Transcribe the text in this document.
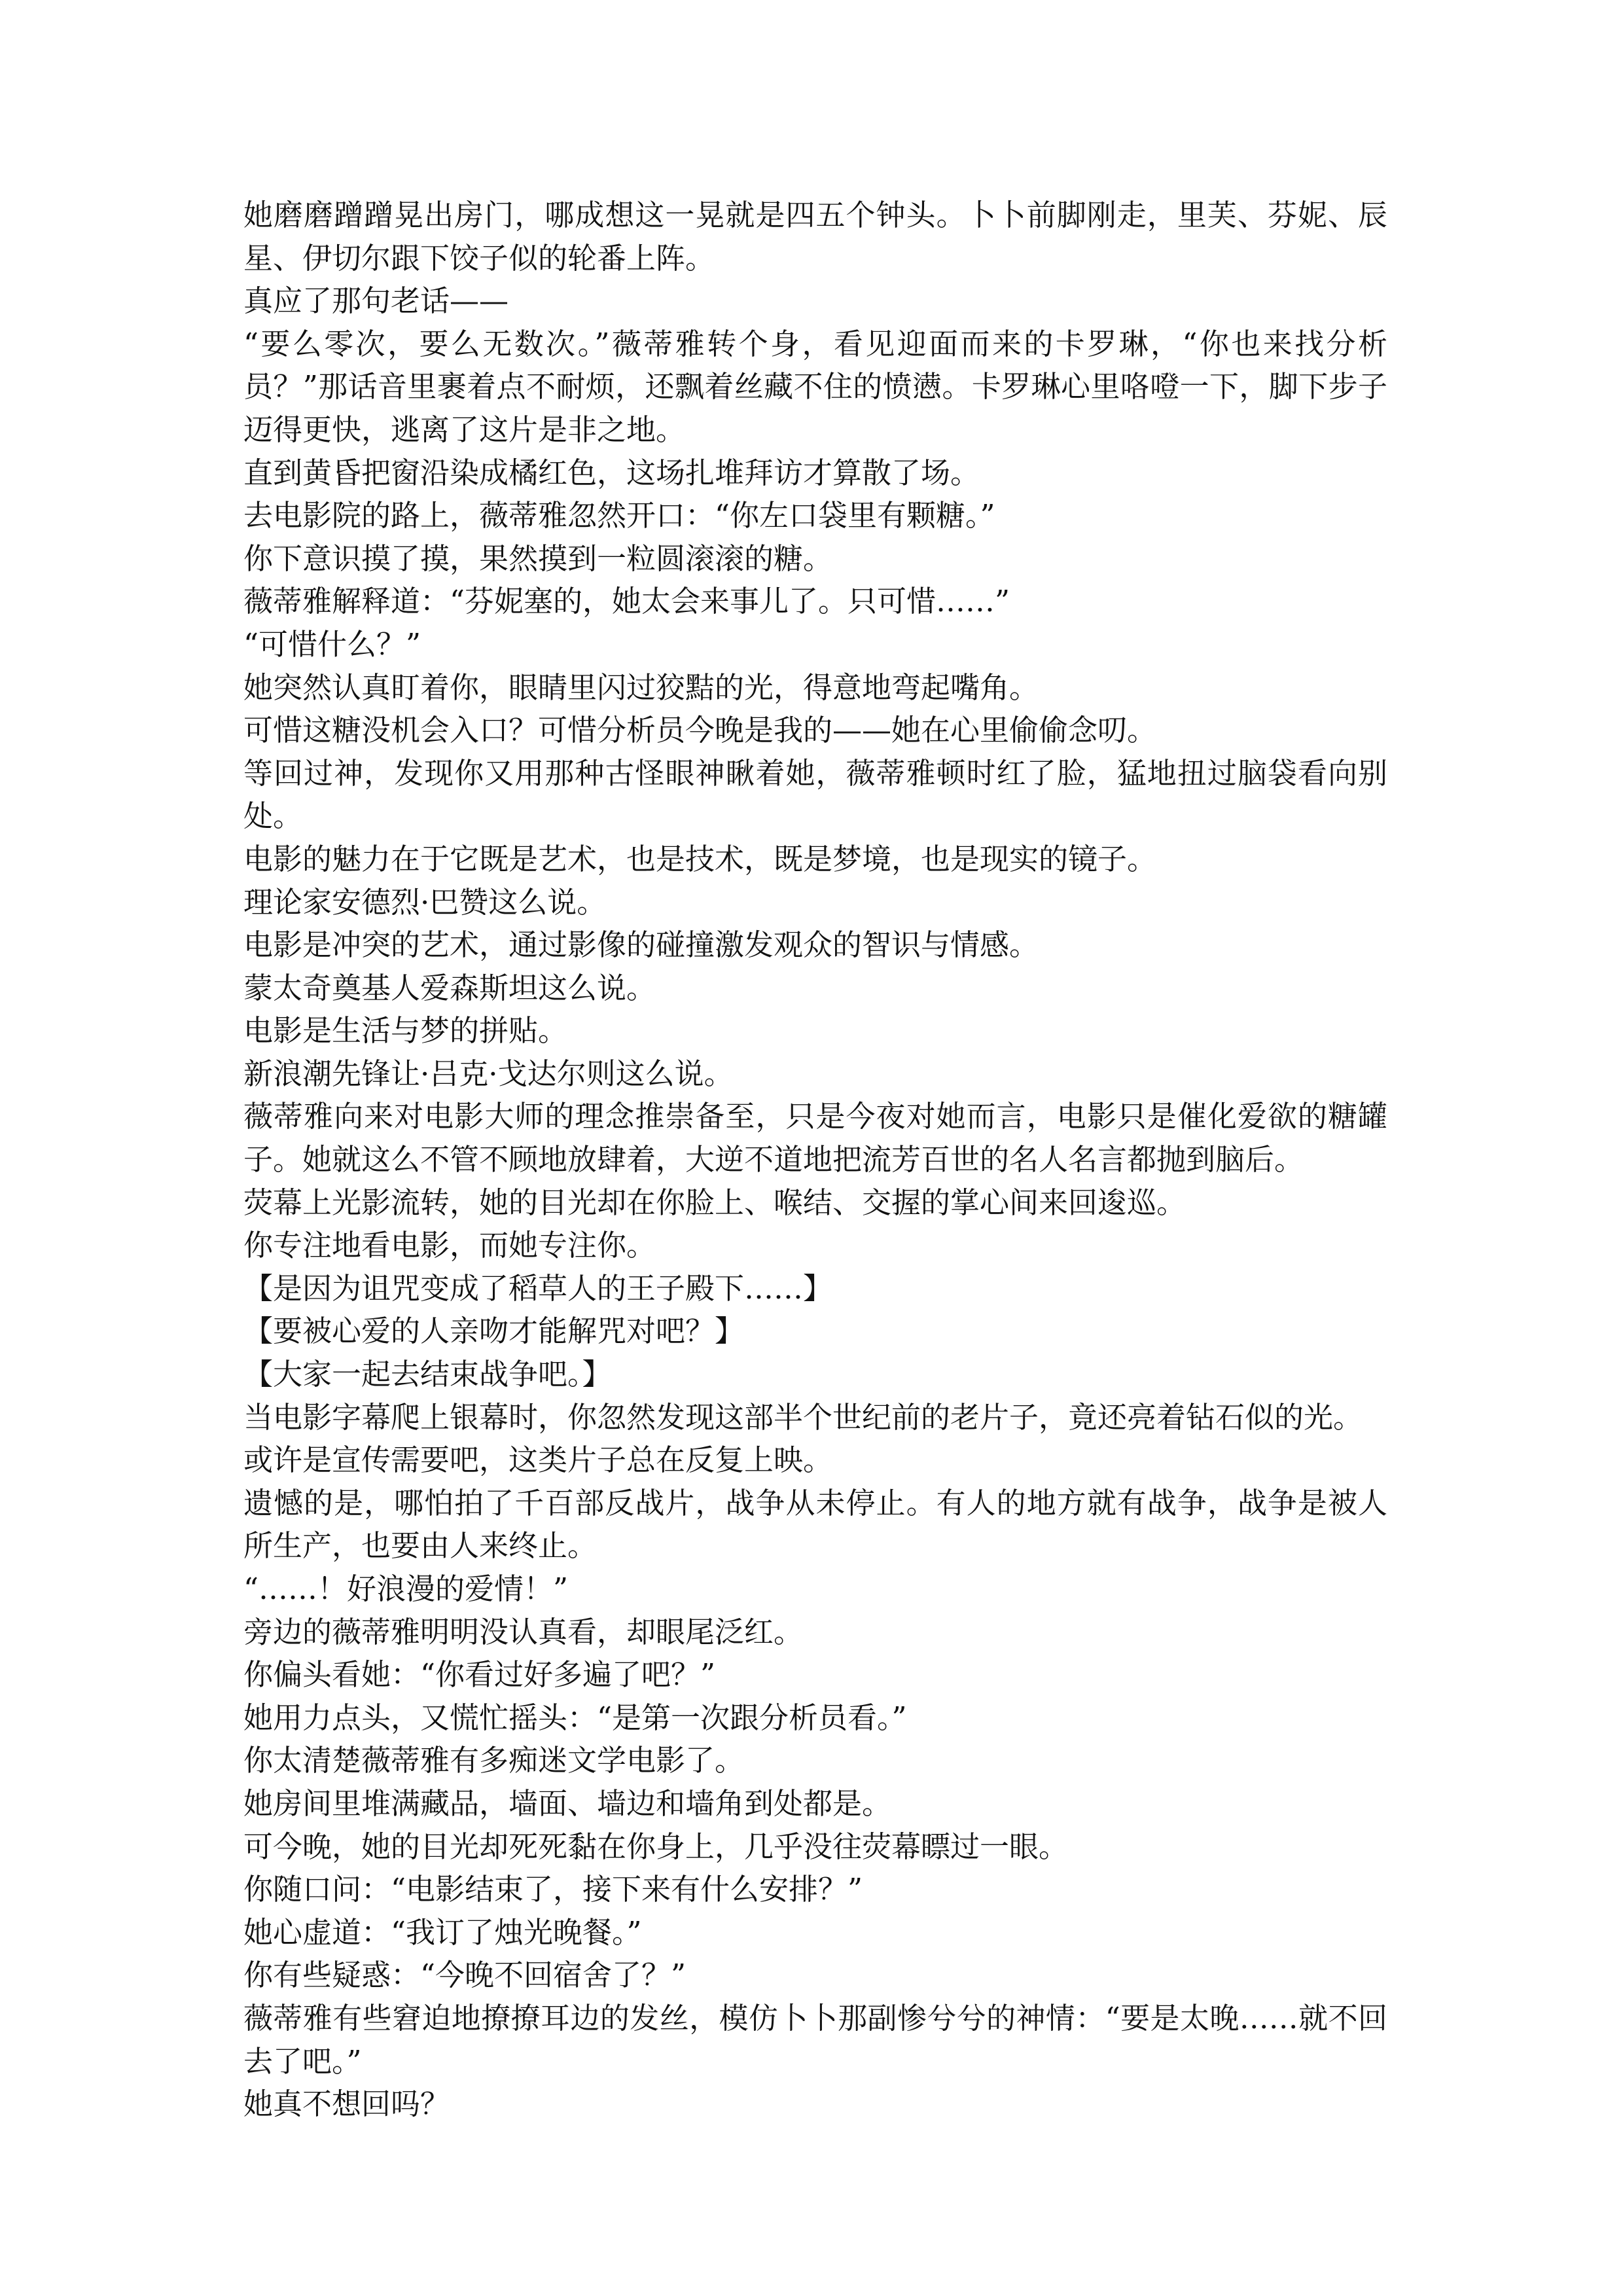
她磨磨蹭蹭晃出房门，哪成想这一晃就是四五个钟头。卜卜前脚刚走，里芙、芬妮、辰星、伊切尔跟下饺子似的轮番上阵。

真应了那句老话——

“要么零次，要么无数次。”薇蒂雅转个身，看见迎面而来的卡罗琳，“你也来找分析员？”那话音里裹着点不耐烦，还飘着丝藏不住的愤懑。卡罗琳心里咯噔一下，脚下步子迈得更快，逃离了这片是非之地。

直到黄昏把窗沿染成橘红色，这场扎堆拜访才算散了场。

去电影院的路上，薇蒂雅忽然开口：“你左口袋里有颗糖。”

你下意识摸了摸，果然摸到一粒圆滚滚的糖。

薇蒂雅解释道：“芬妮塞的，她太会来事儿了。只可惜……”

“可惜什么？”

她突然认真盯着你，眼睛里闪过狡黠的光，得意地弯起嘴角。

可惜这糖没机会入口？可惜分析员今晚是我的——她在心里偷偷念叨。

等回过神，发现你又用那种古怪眼神瞅着她，薇蒂雅顿时红了脸，猛地扭过脑袋看向别处。

电影的魅力在于它既是艺术，也是技术，既是梦境，也是现实的镜子。

理论家安德烈·巴赞这么说。

电影是冲突的艺术，通过影像的碰撞激发观众的智识与情感。

蒙太奇奠基人爱森斯坦这么说。

电影是生活与梦的拼贴。

新浪潮先锋让·吕克·戈达尔则这么说。

薇蒂雅向来对电影大师的理念推崇备至，只是今夜对她而言，电影只是催化爱欲的糖罐子。她就这么不管不顾地放肆着，大逆不道地把流芳百世的名人名言都抛到脑后。

荧幕上光影流转，她的目光却在你脸上、喉结、交握的掌心间来回逡巡。

你专注地看电影，而她专注你。

【是因为诅咒变成了稻草人的王子殿下……】

【要被心爱的人亲吻才能解咒对吧？】

【大家一起去结束战争吧。】

当电影字幕爬上银幕时，你忽然发现这部半个世纪前的老片子，竟还亮着钻石似的光。

或许是宣传需要吧，这类片子总在反复上映。

遗憾的是，哪怕拍了千百部反战片，战争从未停止。有人的地方就有战争，战争是被人所生产，也要由人来终止。

“……！好浪漫的爱情！”

旁边的薇蒂雅明明没认真看，却眼尾泛红。

你偏头看她：“你看过好多遍了吧？”

她用力点头，又慌忙摇头：“是第一次跟分析员看。”

你太清楚薇蒂雅有多痴迷文学电影了。

她房间里堆满藏品，墙面、墙边和墙角到处都是。

可今晚，她的目光却死死黏在你身上，几乎没往荧幕瞟过一眼。

你随口问：“电影结束了，接下来有什么安排？”

她心虚道：“我订了烛光晚餐。”

你有些疑惑：“今晚不回宿舍了？”

薇蒂雅有些窘迫地撩撩耳边的发丝，模仿卜卜那副惨兮兮的神情：“要是太晚……就不回去了吧。”

她真不想回吗？
